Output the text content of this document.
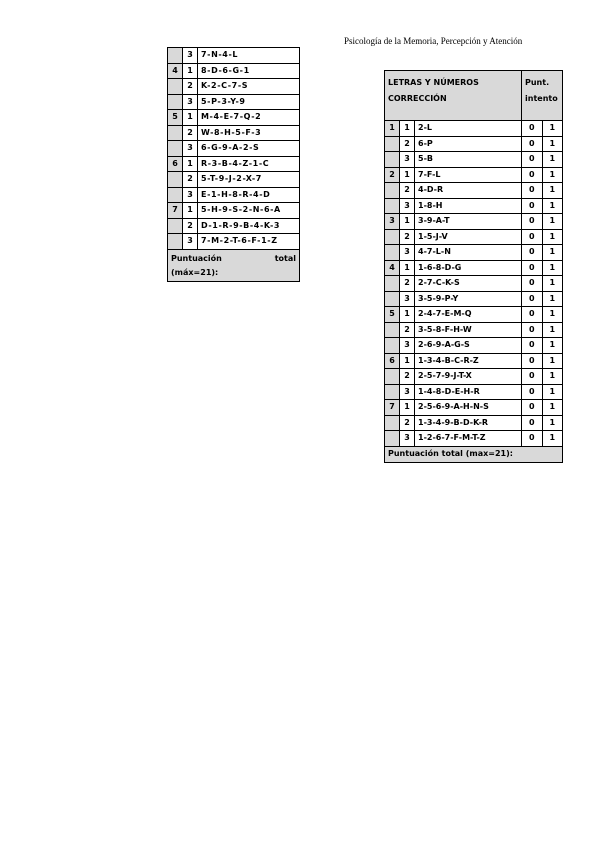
Psicología de la Memoria, Percepción y Atención
	3	7-N-4-L
4	1	8-D-6-G-1
	2	K-2-C-7-S
	3	5-P-3-Y-9
5	1	M-4-E-7-Q-2
	2	W-8-H-5-F-3
	3	6-G-9-A-2-S
6	1	R-3-B-4-Z-1-C
	2	5-T-9-J-2-X-7
	3	E-1-H-8-R-4-D
7	1	5-H-9-S-2-N-6-A
	2	D-1-R-9-B-4-K-3
	3	7-M-2-T-6-F-1-Z

Puntuación total
(máx=21):		
LETRAS Y NÚMEROS CORRECCIÓN			Punt. intento	

1	1	2-L	0	1
	2	6-P	0	1
	3	5-B	0	1
2	1	7-F-L	0	1
	2	4-D-R	0	1
	3	1-8-H	0	1
3	1	3-9-A-T	0	1
	2	1-5-J-V	0	1
	3	4-7-L-N	0	1
4	1	1-6-8-D-G	0	1
	2	2-7-C-K-S	0	1
	3	3-5-9-P-Y	0	1
5	1	2-4-7-E-M-Q	0	1
	2	3-5-8-F-H-W	0	1
	3	2-6-9-A-G-S	0	1
6	1	1-3-4-B-C-R-Z	0	1
	2	2-5-7-9-J-T-X	0	1
	3	1-4-8-D-E-H-R	0	1
7	1	2-5-6-9-A-H-N-S	0	1
	2	1-3-4-9-B-D-K-R	0	1
	3	1-2-6-7-F-M-T-Z	0	1
Puntuación total (max=21):				
